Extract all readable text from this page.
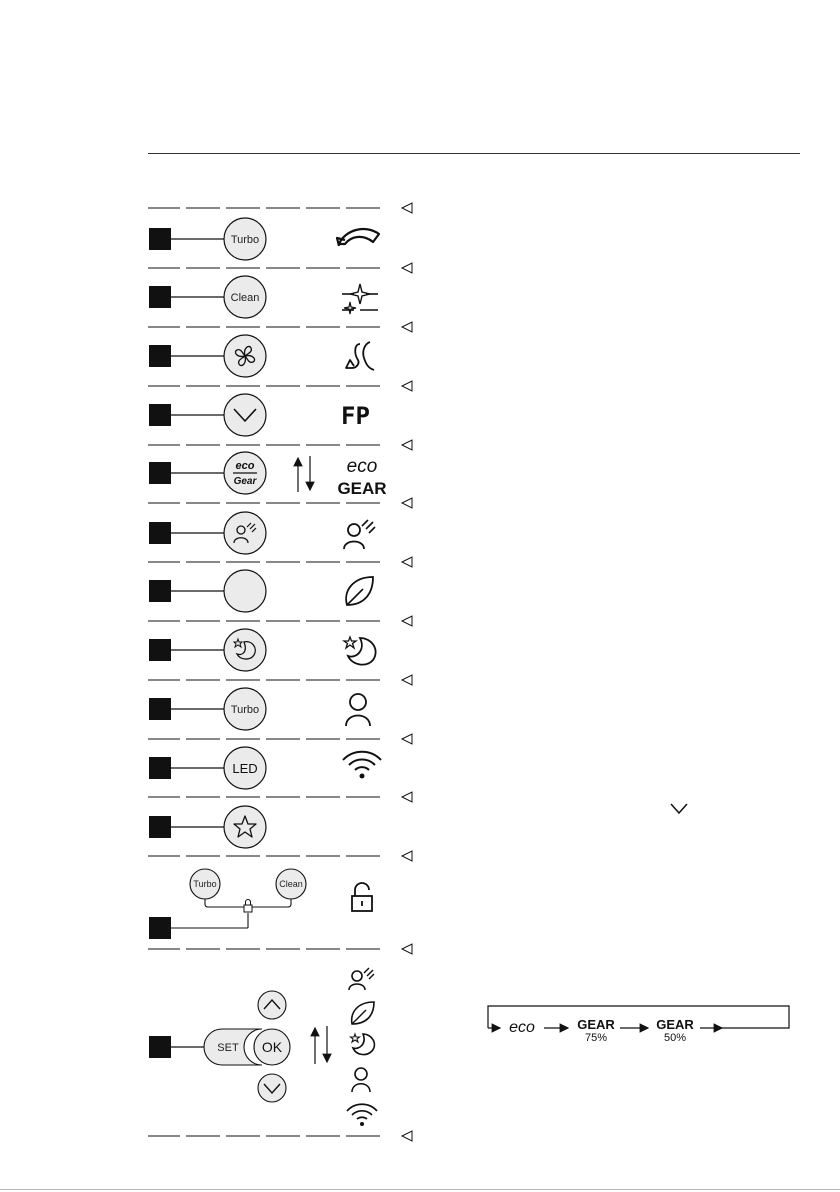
Turbo
Clean
FP
eco
Gear
eco
GEAR
Turbo
LED
Turbo	Clean
SET OK
eco	GEAR
75%
GEAR
50%
